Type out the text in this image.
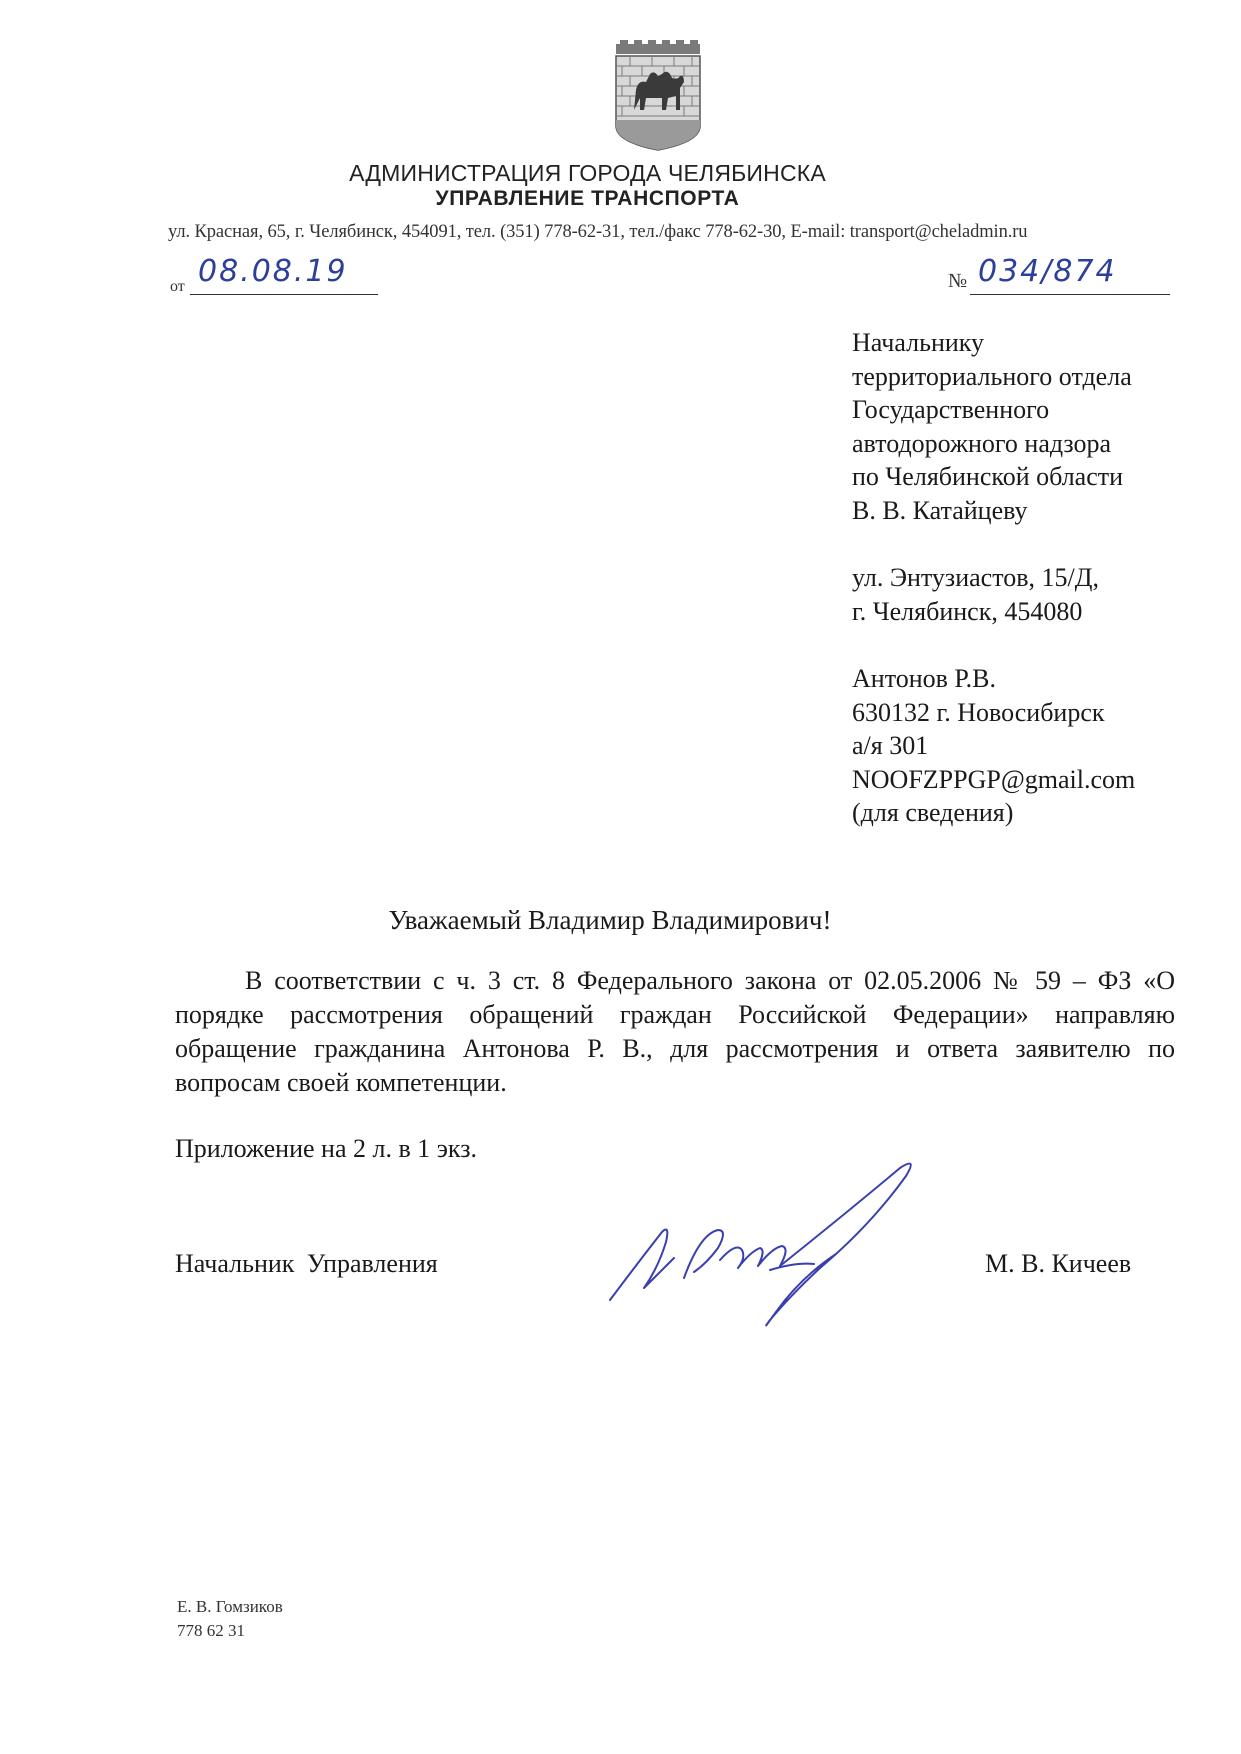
АДМИНИСТРАЦИЯ ГОРОДА ЧЕЛЯБИНСКА
УПРАВЛЕНИЕ ТРАНСПОРТА
ул. Красная, 65, г. Челябинск, 454091, тел. (351) 778-62-31, тел./факс 778-62-30, E-mail: transport@cheladmin.ru
от 08.08.19	№ 034/874
Начальнику
территориального отдела
Государственного
автодорожного надзора
по Челябинской области
В. В. Катайцеву
ул. Энтузиастов, 15/Д,
г. Челябинск, 454080
Антонов Р.В.
630132 г. Новосибирск
а/я 301
NOOFZPPGP@gmail.com
(для сведения)
Уважаемый Владимир Владимирович!
В соответствии с ч. 3 ст. 8 Федерального закона от 02.05.2006 № 59 – ФЗ «О порядке рассмотрения обращений граждан Российской Федерации» направляю обращение гражданина Антонова Р. В., для рассмотрения и ответа заявителю по вопросам своей компетенции.
Приложение на 2 л. в 1 экз.
Начальник Управления	М. В. Кичеев
Е. В. Гомзиков
778 62 31
